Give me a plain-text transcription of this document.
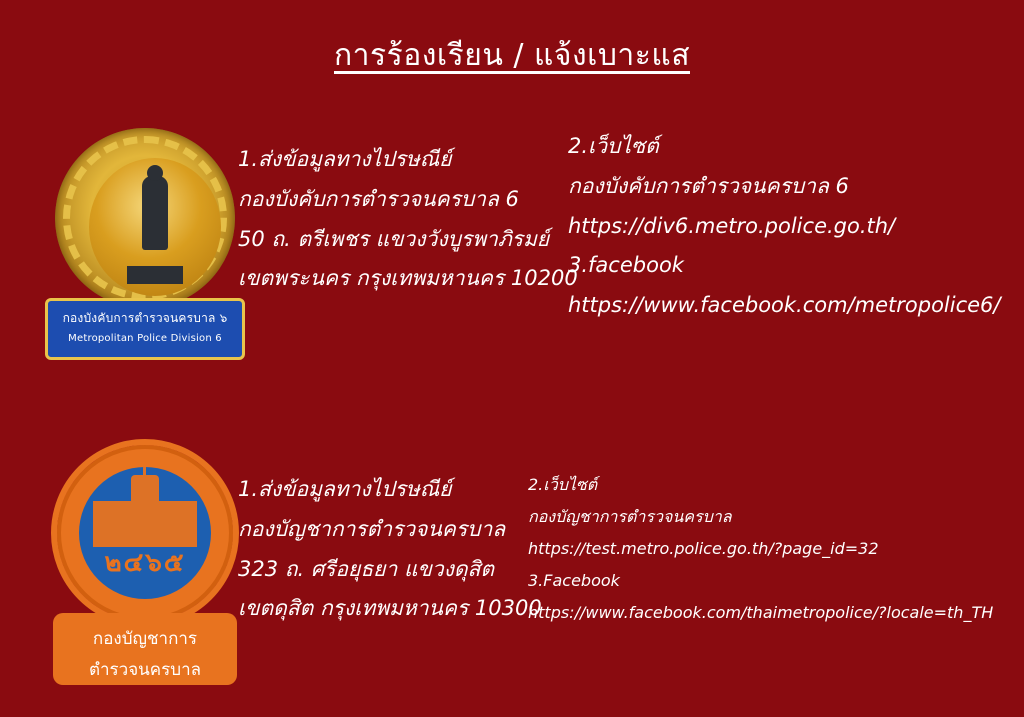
การร้องเรียน / แจ้งเบาะแส
กองบังคับการตำรวจนครบาล ๖
Metropolitan Police Division 6

1.ส่งข้อมูลทางไปรษณีย์

กองบังคับการตำรวจนครบาล 6

50 ถ. ตรีเพชร แขวงวังบูรพาภิรมย์

เขตพระนคร กรุงเทพมหานคร 10200

2.เว็บไซต์

กองบังคับการตำรวจนครบาล 6

https://div6.metro.police.go.th/

3.facebook

https://www.facebook.com/metropolice6/

๒๔๖๕
กองบัญชาการ
ตำรวจนครบาล

1.ส่งข้อมูลทางไปรษณีย์

กองบัญชาการตำรวจนครบาล

323 ถ. ศรีอยุธยา แขวงดุสิต

เขตดุสิต กรุงเทพมหานคร 10300

2.เว็บไซต์

กองบัญชาการตำรวจนครบาล

https://test.metro.police.go.th/?page_id=32

3.Facebook

https://www.facebook.com/thaimetropolice/?locale=th_TH
